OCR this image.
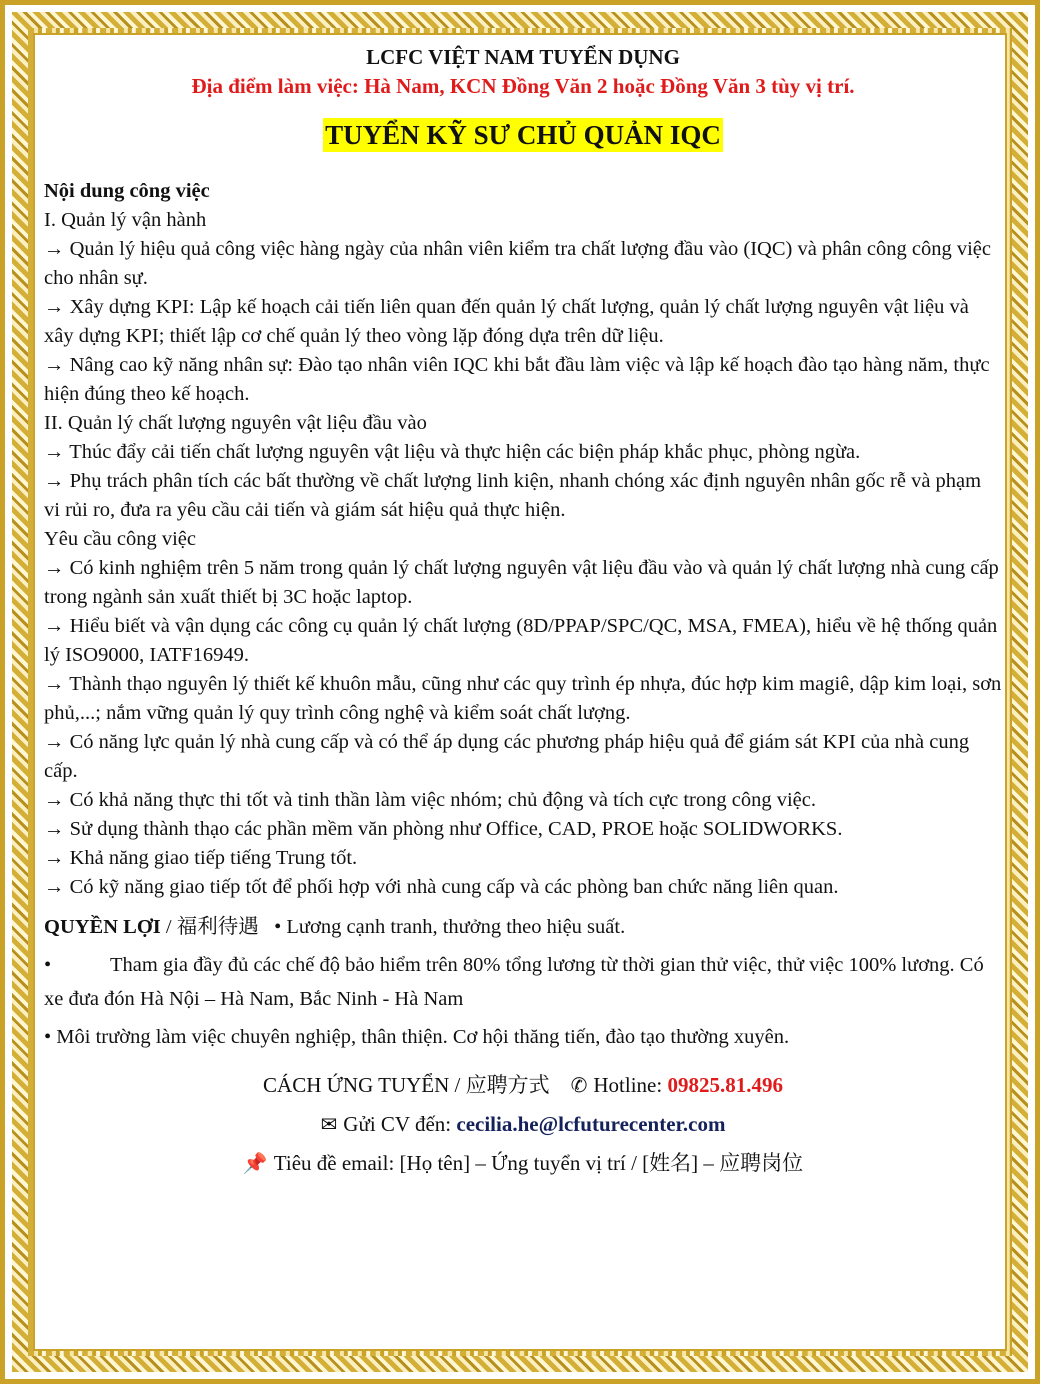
LCFC VIỆT NAM TUYỂN DỤNG
Địa điểm làm việc: Hà Nam, KCN Đồng Văn 2 hoặc Đồng Văn 3 tùy vị trí.
TUYỂN KỸ SƯ CHỦ QUẢN IQC
Nội dung công việc
I. Quản lý vận hành
→ Quản lý hiệu quả công việc hàng ngày của nhân viên kiểm tra chất lượng đầu vào (IQC) và phân công công việc cho nhân sự.
→ Xây dựng KPI: Lập kế hoạch cải tiến liên quan đến quản lý chất lượng, quản lý chất lượng nguyên vật liệu và xây dựng KPI; thiết lập cơ chế quản lý theo vòng lặp đóng dựa trên dữ liệu.
→ Nâng cao kỹ năng nhân sự: Đào tạo nhân viên IQC khi bắt đầu làm việc và lập kế hoạch đào tạo hàng năm, thực hiện đúng theo kế hoạch.
II. Quản lý chất lượng nguyên vật liệu đầu vào
→ Thúc đẩy cải tiến chất lượng nguyên vật liệu và thực hiện các biện pháp khắc phục, phòng ngừa.
→ Phụ trách phân tích các bất thường về chất lượng linh kiện, nhanh chóng xác định nguyên nhân gốc rễ và phạm vi rủi ro, đưa ra yêu cầu cải tiến và giám sát hiệu quả thực hiện.
Yêu cầu công việc
→ Có kinh nghiệm trên 5 năm trong quản lý chất lượng nguyên vật liệu đầu vào và quản lý chất lượng nhà cung cấp trong ngành sản xuất thiết bị 3C hoặc laptop.
→ Hiểu biết và vận dụng các công cụ quản lý chất lượng (8D/PPAP/SPC/QC, MSA, FMEA), hiểu về hệ thống quản lý ISO9000, IATF16949.
→ Thành thạo nguyên lý thiết kế khuôn mẫu, cũng như các quy trình ép nhựa, đúc hợp kim magiê, dập kim loại, sơn phủ,...; nắm vững quản lý quy trình công nghệ và kiểm soát chất lượng.
→ Có năng lực quản lý nhà cung cấp và có thể áp dụng các phương pháp hiệu quả để giám sát KPI của nhà cung cấp.
→ Có khả năng thực thi tốt và tinh thần làm việc nhóm; chủ động và tích cực trong công việc.
→ Sử dụng thành thạo các phần mềm văn phòng như Office, CAD, PROE hoặc SOLIDWORKS.
→ Khả năng giao tiếp tiếng Trung tốt.
→ Có kỹ năng giao tiếp tốt để phối hợp với nhà cung cấp và các phòng ban chức năng liên quan.
QUYỀN LỢI / 福利待遇 • Lương cạnh tranh, thưởng theo hiệu suất.
•	Tham gia đầy đủ các chế độ bảo hiểm trên 80% tổng lương từ thời gian thử việc, thử việc 100% lương. Có xe đưa đón Hà Nội – Hà Nam, Bắc Ninh - Hà Nam
• Môi trường làm việc chuyên nghiệp, thân thiện. Cơ hội thăng tiến, đào tạo thường xuyên.
CÁCH ỨNG TUYỂN / 应聘方式 ✆ Hotline: 09825.81.496
✉ Gửi CV đến: cecilia.he@lcfuturecenter.com
📌 Tiêu đề email: [Họ tên] – Ứng tuyển vị trí / [姓名] – 应聘岗位
